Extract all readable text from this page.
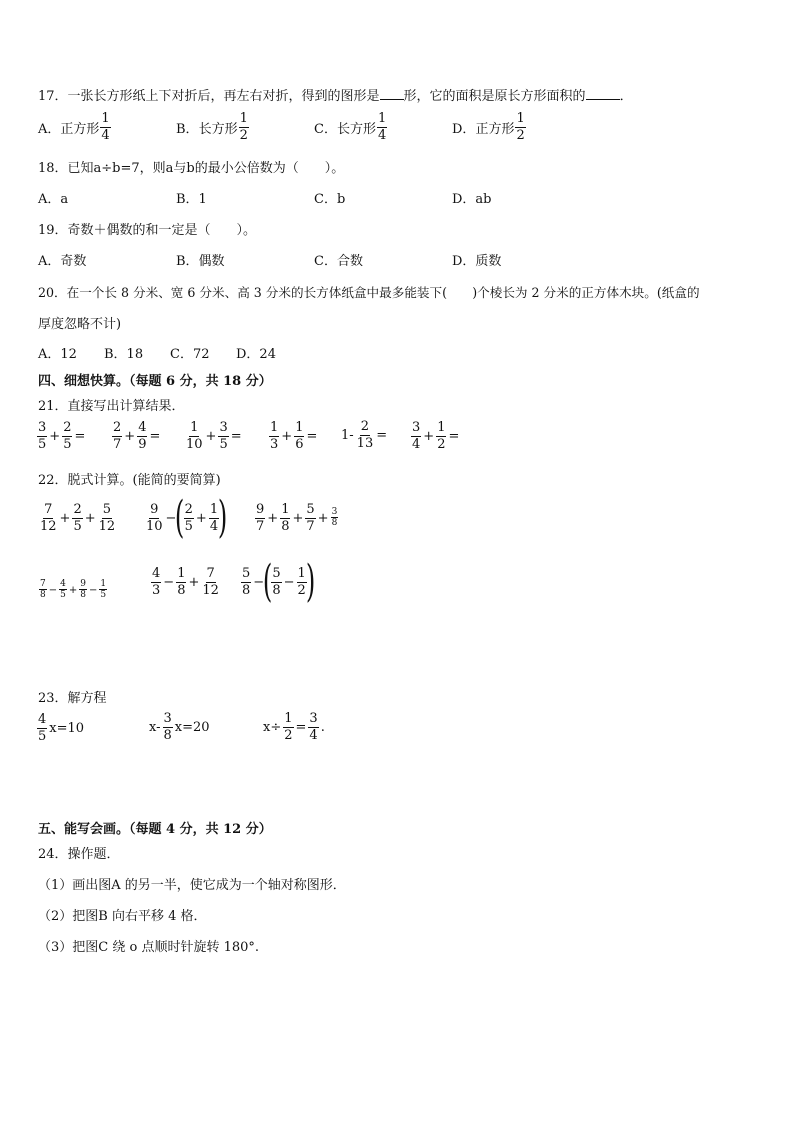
17．一张长方形纸上下对折后，再左右对折，得到的图形是 形，它的面积是原长方形面积的	．
A． 正方形 $\frac{1}{4}$	B． 长方形 $\frac{1}{2}$	C． 长方形 $\frac{1}{4}$	D． 正方形 $\frac{1}{2}$
18．已知a÷b=7，则a与b的最小公倍数为（　　）。
A．a	B．1	C．b	D．ab
19．奇数＋偶数的和一定是（　　）。
A．奇数	B．偶数	C．合数	D．质数
20．在一个长 8 分米、宽 6 分米、高 3 分米的长方体纸盒中最多能装下(　　)个棱长为 2 分米的正方体木块。(纸盒的
厚度忽略不计)
A．12 B．18 C．72 D．24
四、细想快算。（每题 6 分，共 18 分）
21．直接写出计算结果．
$\frac{3}{5} + \frac{2}{5} = \frac{2}{7} + \frac{4}{9} = \frac{1}{10} + \frac{3}{5} = \frac{1}{3} + \frac{1}{6} = 1- \frac{2}{13} = \frac{3}{4} + \frac{1}{2}$ =
22．脱式计算。(能简的要简算)
$\frac{7}{12} + \frac{2}{5} + \frac{5}{12} \frac{9}{10}$ −
(
$\frac{2}{5} + \frac{1}{4}$
) $\frac{9}{7} + \frac{1}{8} + \frac{5}{7} + \frac{3}{8}$
$\frac{7}{8} - \frac{4}{5} + \frac{9}{8} - \frac{1}{5}$	$\frac{4}{3} - \frac{1}{8} + \frac{7}{12} \frac{5}{8}$ −
(
$\frac{5}{8} - \frac{1}{2}$
)
23．解方程
$\frac{4}{5} x=10$	$x- \frac{3}{8} x=20$	$x\div \frac{1}{2} = \frac{3}{4}$ .
五、能写会画。（每题 4 分，共 12 分）
24．操作题．
（1）画出图A 的另一半，使它成为一个轴对称图形．
（2）把图B 向右平移 4 格．
（3）把图C 绕 o 点顺时针旋转 180°.
